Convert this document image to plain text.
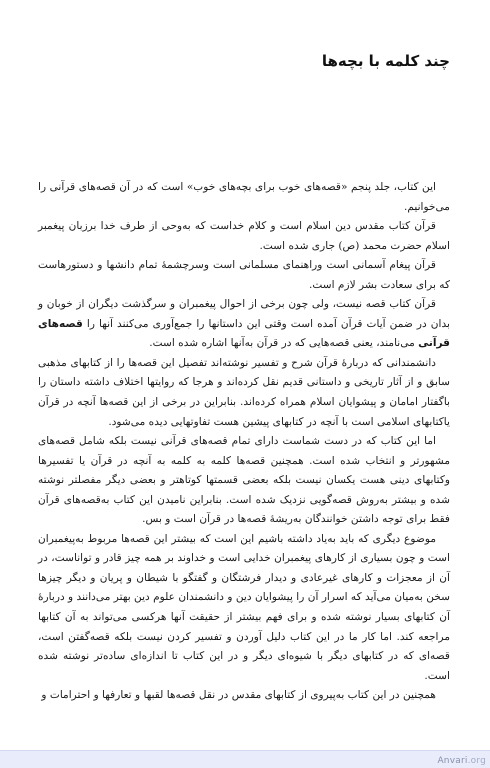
چند کلمه با بچه‌ها

این کتاب، جلد پنجم «قصه‌های خوب برای بچه‌های خوب» است که در آن قصه‌های قرآنی را می‌خوانیم.

قرآن کتاب مقدس دین اسلام است و کلام خداست که به‌وحی از طرف خدا برزبان پیغمبر اسلام حضرت محمد (ص) جاری شده است.

قرآن پیغام آسمانی است وراهنمای مسلمانی است وسرچشمهٔ تمام دانشها و دستورهاست که برای سعادت بشر لازم است.

قرآن کتاب قصه نیست، ولی چون برخی از احوال پیغمبران و سرگذشت دیگران از خوبان و بدان در ضمن آیات قرآن آمده است وقتی این داستانها را جمع‌آوری می‌کنند آنها را قصه‌های قرآنی می‌نامند، یعنی قصه‌هایی که در قرآن به‌آنها اشاره شده است.

دانشمندانی که دربارهٔ قرآن شرح و تفسیر نوشته‌اند تفصیل این قصه‌ها را از کتابهای مذهبی سابق و از آثار تاریخی و داستانی قدیم نقل کرده‌اند و هرجا که روایتها اختلاف داشته داستان را باگفتار امامان و پیشوایان اسلام همراه کرده‌اند. بنابراین در برخی از این قصه‌ها آنچه در قرآن یاکتابهای اسلامی است با آنچه در کتابهای پیشین هست تفاوتهایی دیده می‌شود.

اما این کتاب که در دست شماست دارای تمام قصه‌های قرآنی نیست بلکه شامل قصه‌های مشهورتر و انتخاب شده است. همچنین قصه‌ها کلمه به کلمه به آنچه در قرآن یا تفسیرها وکتابهای دینی هست یکسان نیست بلکه بعضی قسمتها کوتاهتر و بعضی دیگر مفصلتر نوشته شده و بیشتر به‌روش قصه‌گویی نزدیک شده است. بنابراین نامیدن این کتاب به‌قصه‌های قرآن فقط برای توجه داشتن خوانندگان به‌ریشهٔ قصه‌ها در قرآن است و بس.

موضوع دیگری که باید به‌یاد داشته باشیم این است که بیشتر این قصه‌ها مربوط به‌پیغمبران است و چون بسیاری از کارهای پیغمبران خدایی است و خداوند بر همه چیز قادر و تواناست، در آن از معجزات و کارهای غیرعادی و دیدار فرشتگان و گفتگو با شیطان و پریان و دیگر چیزها سخن به‌میان می‌آید که اسرار آن را پیشوایان دین و دانشمندان علوم دین بهتر می‌دانند و دربارهٔ آن کتابهای بسیار نوشته شده و برای فهم بیشتر از حقیقت آنها هرکسی می‌تواند به آن کتابها مراجعه کند. اما کار ما در این کتاب دلیل آوردن و تفسیر کردن نیست بلکه قصه‌گفتن است، قصه‌ای که در کتابهای دیگر با شیوه‌ای دیگر و در این کتاب تا اندازه‌ای ساده‌تر نوشته شده است.

همچنین در این کتاب به‌پیروی از کتابهای مقدس در نقل قصه‌ها لقبها و تعارفها و احترامات و

Anvari.org
